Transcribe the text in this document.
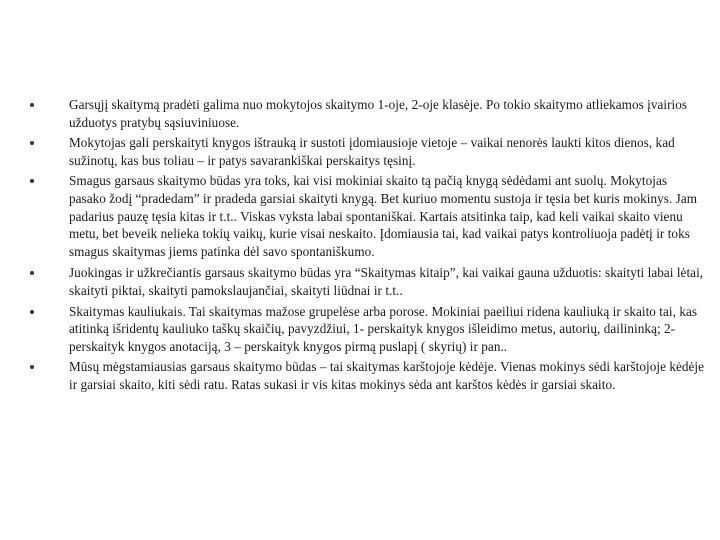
Garsųjį skaitymą pradėti galima nuo mokytojos skaitymo 1-oje, 2-oje klasėje. Po tokio skaitymo atliekamos įvairios užduotys pratybų sąsiuviniuose.
Mokytojas gali perskaityti knygos ištrauką ir sustoti įdomiausioje vietoje – vaikai nenorės laukti kitos dienos, kad sužinotų, kas bus toliau – ir patys savarankiškai perskaitys tęsinį.
Smagus garsaus skaitymo būdas yra toks, kai visi mokiniai skaito tą pačią knygą sėdėdami ant suolų. Mokytojas pasako žodį “pradedam” ir pradeda garsiai skaityti knygą. Bet kuriuo momentu sustoja ir tęsia bet kuris mokinys. Jam padarius pauzę tęsia kitas ir t.t.. Viskas vyksta labai spontaniškai. Kartais atsitinka taip, kad keli vaikai skaito vienu metu, bet beveik nelieka tokių vaikų, kurie visai neskaito. Įdomiausia tai, kad vaikai patys kontroliuoja padėtį ir toks smagus skaitymas jiems patinka dėl savo spontaniškumo.
Juokingas ir užkrečiantis garsaus skaitymo būdas yra “Skaitymas kitaip”, kai vaikai gauna užduotis: skaityti labai lėtai, skaityti piktai, skaityti pamokslaujančiai, skaityti liūdnai ir t.t..
Skaitymas kauliukais. Tai skaitymas mažose grupelėse arba porose. Mokiniai paeiliui ridena kauliuką ir skaito tai, kas atitinką išridentų kauliuko taškų skaičių, pavyzdžiui, 1- perskaityk knygos išleidimo metus, autorių, dailininką; 2- perskaityk knygos anotaciją, 3 – perskaityk knygos pirmą puslapį ( skyrių) ir pan..
Mūsų mėgstamiausias garsaus skaitymo būdas – tai skaitymas karštojoje kėdėje. Vienas mokinys sėdi karštojoje kėdėje ir garsiai skaito, kiti sėdi ratu. Ratas sukasi ir vis kitas mokinys sėda ant karštos kėdės ir garsiai skaito.
